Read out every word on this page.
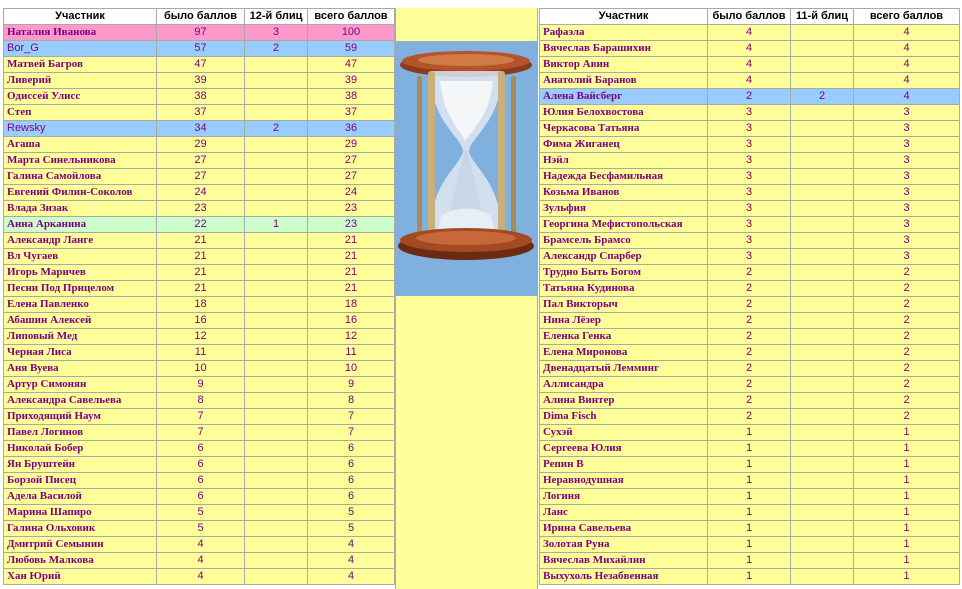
Участник	было баллов	12-й блиц	всего баллов
Наталия Иванова	97	3	100
Bor_G	57	2	59
Матвей Багров	47		47
Ливерий	39		39
Одиссей Улисс	38		38
Степ	37		37
Rewsky	34	2	36
Агаша	29		29
Марта Синельникова	27		27
Галина Самойлова	27		27
Евгений Филин-Соколов	24		24
Влада Зизак	23		23
Анна Арканина	22	1	23
Александр Ланге	21		21
Вл Чугаев	21		21
Игорь Маричев	21		21
Песни Под Прицелом	21		21
Елена Павленко	18		18
Абашин Алексей	16		16
Липовый Мед	12		12
Черная Лиса	11		11
Аня Вуева	10		10
Артур Симонян	9		9
Александра Савельева	8		8
Приходящий Наум	7		7
Павел Логинов	7		7
Николай Бобер	6		6
Ян Бруштейн	6		6
Борзой Писец	6		6
Адела Василой	6		6
Марина Шапиро	5		5
Галина Ольховик	5		5
Дмитрий Семынин	4		4
Любовь Малкова	4		4
Хан Юрий	4		4
Участник	было баллов	11-й блиц	всего баллов
Рафаэла	4		4
Вячеслав Барашихин	4		4
Виктор Авин	4		4
Анатолий Баранов	4		4
Алена Вайсберг	2	2	4
Юлия Белохвостова	3		3
Черкасова Татьяна	3		3
Фима Жиганец	3		3
Нэйл	3		3
Надежда Бесфамильная	3		3
Козьма Иванов	3		3
Зульфия	3		3
Георгина Мефистопольская	3		3
Брамсель Брамсо	3		3
Александр Спарбер	3		3
Трудно Быть Богом	2		2
Татьяна Кудинова	2		2
Пал Викторыч	2		2
Нина Лёзер	2		2
Еленка Генка	2		2
Елена Миронова	2		2
Двенадцатый Лемминг	2		2
Аллисандра	2		2
Алина Винтер	2		2
Dima Fisch	2		2
Сухэй	1		1
Сергеева Юлия	1		1
Репин В	1		1
Неравнодушная	1		1
Логиня	1		1
Ланс	1		1
Ирина Савельева	1		1
Золотая Руна	1		1
Вячеслав Михайлин	1		1
Выхухоль Незабвенная	1		1
